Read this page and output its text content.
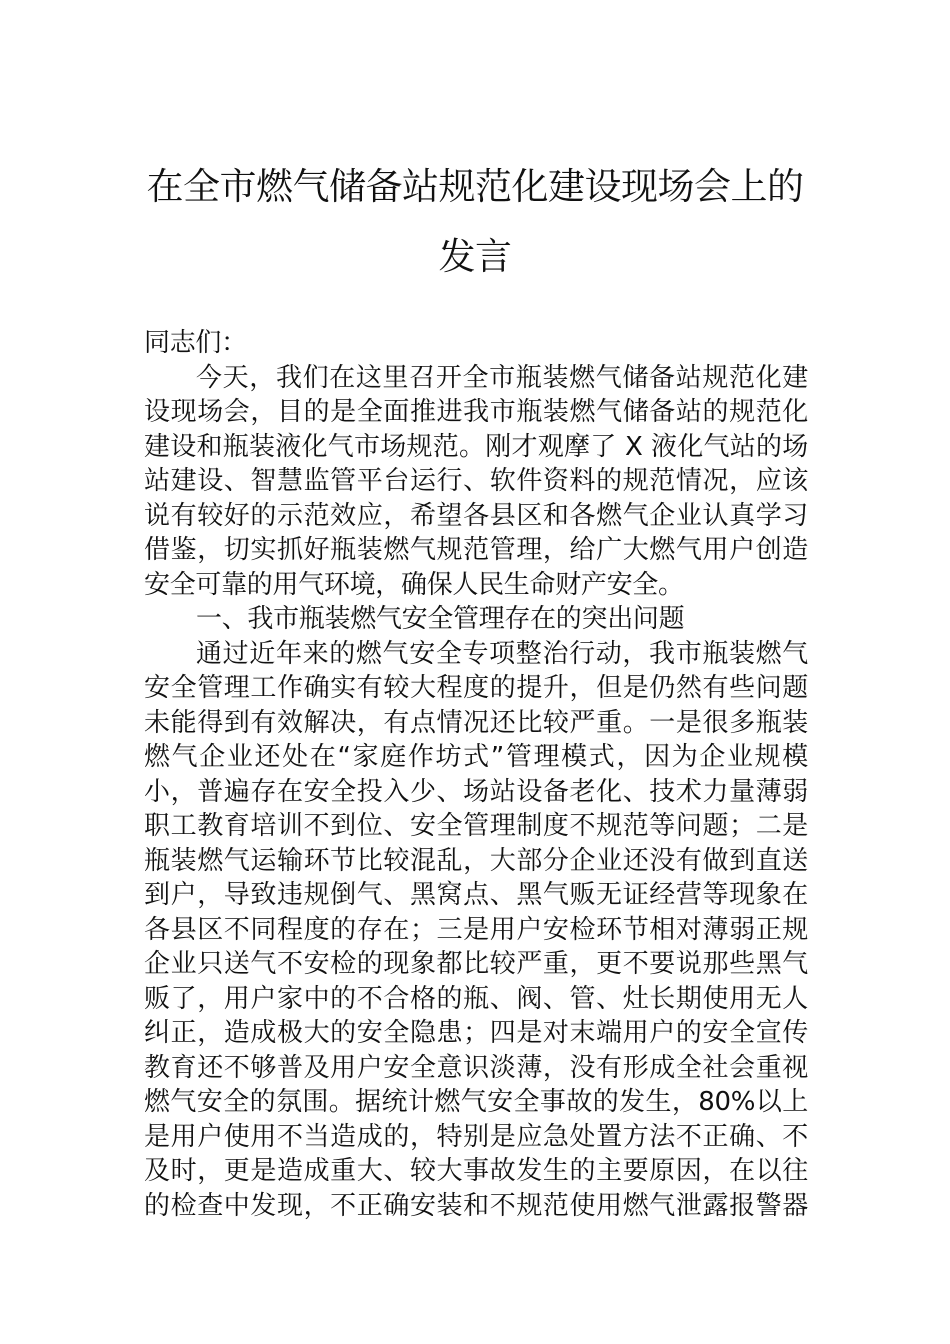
在全市燃气储备站规范化建设现场会上的
发言
同志们：
今天，我们在这里召开全市瓶装燃气储备站规范化建
设现场会，目的是全面推进我市瓶装燃气储备站的规范化
建设和瓶装液化气市场规范。刚才观摩了 X 液化气站的场
站建设、智慧监管平台运行、软件资料的规范情况，应该
说有较好的示范效应，希望各县区和各燃气企业认真学习
借鉴，切实抓好瓶装燃气规范管理，给广大燃气用户创造
安全可靠的用气环境，确保人民生命财产安全。
一、我市瓶装燃气安全管理存在的突出问题
通过近年来的燃气安全专项整治行动，我市瓶装燃气
安全管理工作确实有较大程度的提升，但是仍然有些问题
未能得到有效解决，有点情况还比较严重。一是很多瓶装
燃气企业还处在“家庭作坊式”管理模式，因为企业规模
小，普遍存在安全投入少、场站设备老化、技术力量薄弱
职工教育培训不到位、安全管理制度不规范等问题；二是
瓶装燃气运输环节比较混乱，大部分企业还没有做到直送
到户，导致违规倒气、黑窝点、黑气贩无证经营等现象在
各县区不同程度的存在；三是用户安检环节相对薄弱正规
企业只送气不安检的现象都比较严重，更不要说那些黑气
贩了，用户家中的不合格的瓶、阀、管、灶长期使用无人
纠正，造成极大的安全隐患；四是对末端用户的安全宣传
教育还不够普及用户安全意识淡薄，没有形成全社会重视
燃气安全的氛围。据统计燃气安全事故的发生，80%以上
是用户使用不当造成的，特别是应急处置方法不正确、不
及时，更是造成重大、较大事故发生的主要原因，在以往
的检查中发现，不正确安装和不规范使用燃气泄露报警器
